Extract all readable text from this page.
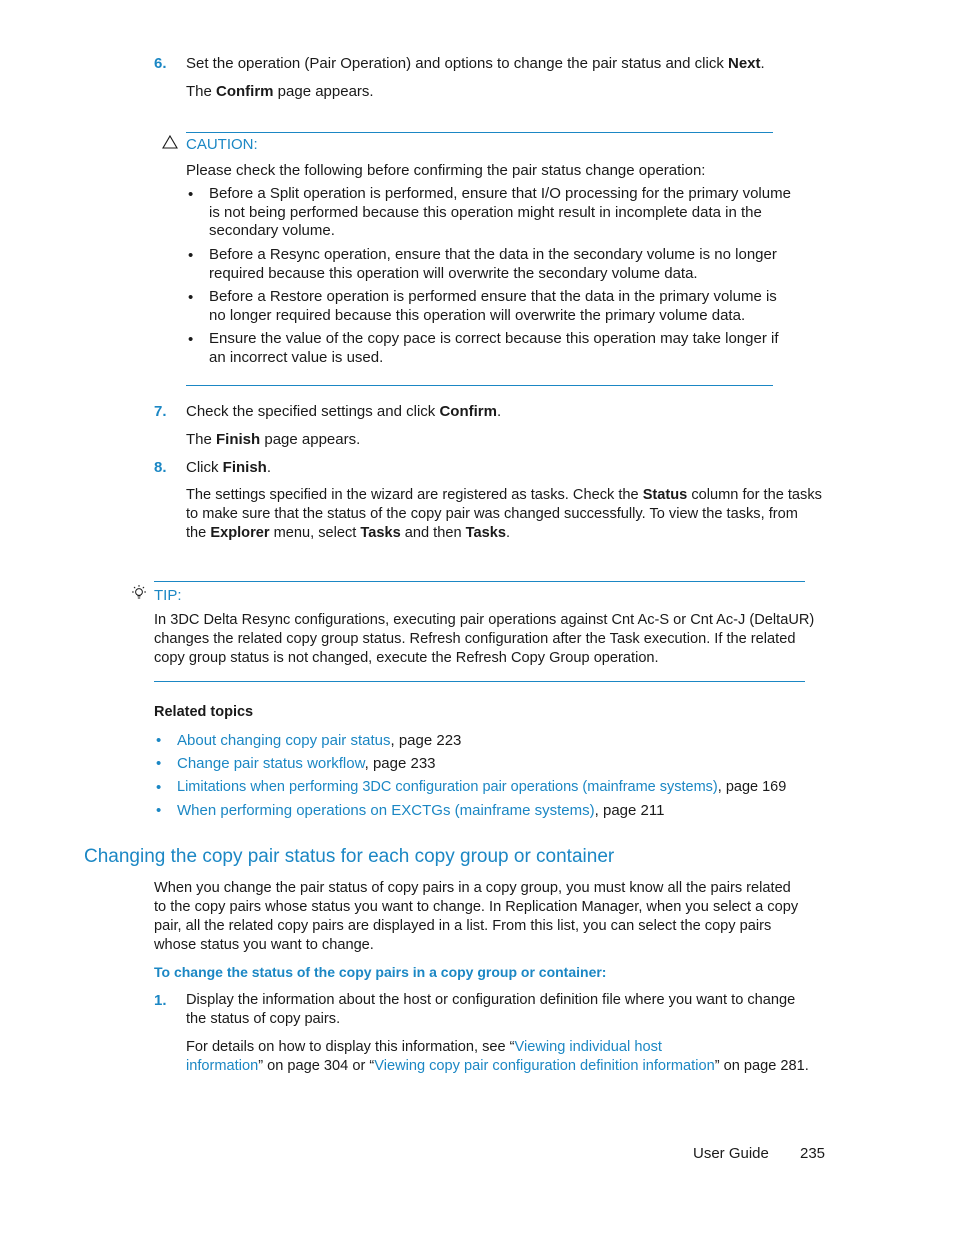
6. Set the operation (Pair Operation) and options to change the pair status and click Next.
The Confirm page appears.
CAUTION:
Please check the following before confirming the pair status change operation:
• Before a Split operation is performed, ensure that I/O processing for the primary volume
is not being performed because this operation might result in incomplete data in the
secondary volume.
• Before a Resync operation, ensure that the data in the secondary volume is no longer
required because this operation will overwrite the secondary volume data.
• Before a Restore operation is performed ensure that the data in the primary volume is
no longer required because this operation will overwrite the primary volume data.
• Ensure the value of the copy pace is correct because this operation may take longer if
an incorrect value is used.
7. Check the specified settings and click Confirm.
The Finish page appears.
8. Click Finish.
The settings specified in the wizard are registered as tasks. Check the Status column for the tasks
to make sure that the status of the copy pair was changed successfully. To view the tasks, from
the Explorer menu, select Tasks and then Tasks.
TIP:
In 3DC Delta Resync configurations, executing pair operations against Cnt Ac-S or Cnt Ac-J (DeltaUR)
changes the related copy group status. Refresh configuration after the Task execution. If the related
copy group status is not changed, execute the Refresh Copy Group operation.
Related topics
• About changing copy pair status, page 223
• Change pair status workflow, page 233
• Limitations when performing 3DC configuration pair operations (mainframe systems), page 169
• When performing operations on EXCTGs (mainframe systems), page 211
Changing the copy pair status for each copy group or container
When you change the pair status of copy pairs in a copy group, you must know all the pairs related
to the copy pairs whose status you want to change. In Replication Manager, when you select a copy
pair, all the related copy pairs are displayed in a list. From this list, you can select the copy pairs
whose status you want to change.
To change the status of the copy pairs in a copy group or container:
1. Display the information about the host or configuration definition file where you want to change
the status of copy pairs.
For details on how to display this information, see “Viewing individual host
information” on page 304 or “Viewing copy pair configuration definition information” on page 281.
User Guide 235
